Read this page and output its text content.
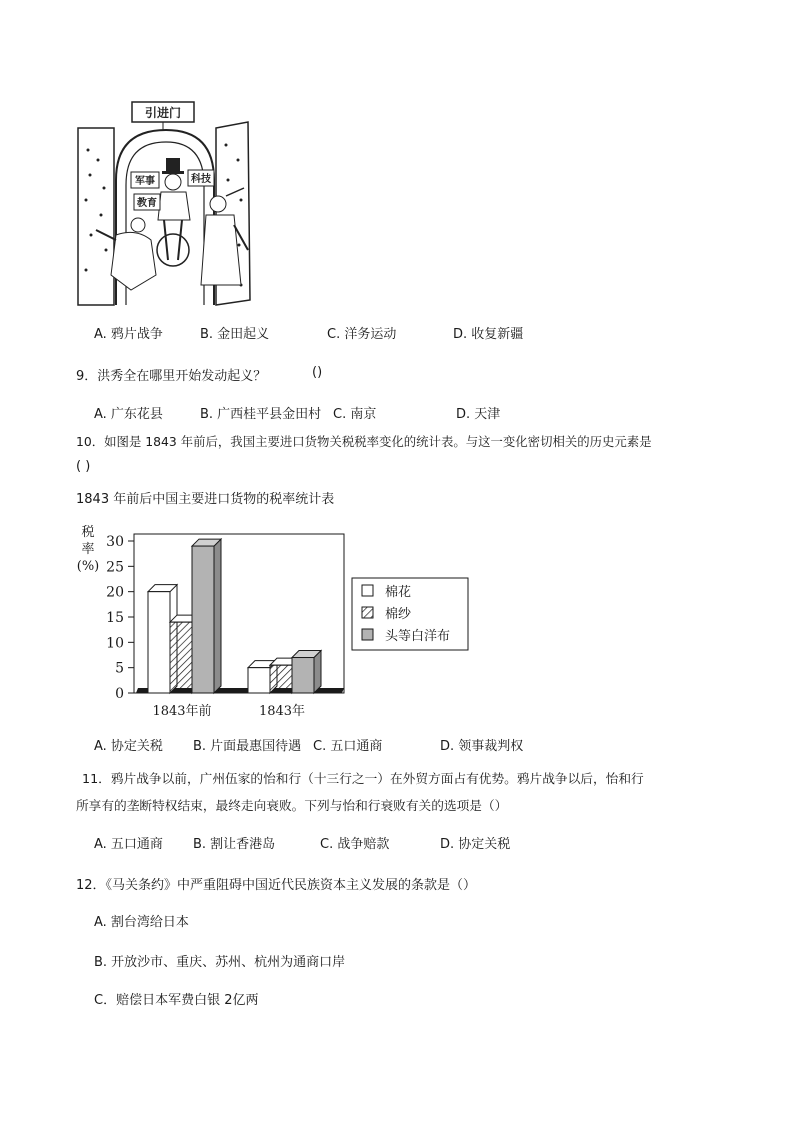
引进门
军事	科技
教育
A. 鸦片战争	B. 金田起义	C. 洋务运动	D. 收复新疆
9．洪秀全在哪里开始发动起义？	()
A. 广东花县	B. 广西桂平县金田村 C. 南京	D. 天津
10．如图是 1843 年前后，我国主要进口货物关税税率变化的统计表。与这一变化密切相关的历史元素是
( )
1843 年前后中国主要进口货物的税率统计表
0
5
10
15
20
25
30
税
率
(%)
1843年前	1843年
棉花
棉纱
头等白洋布
A. 协定关税 B. 片面最惠国待遇 C. 五口通商	D. 领事裁判权
11．鸦片战争以前，广州伍家的怡和行（十三行之一）在外贸方面占有优势。鸦片战争以后，怡和行
所享有的垄断特权结束，最终走向衰败。下列与怡和行衰败有关的选项是（）
A. 五口通商 B. 割让香港岛	C. 战争赔款	D. 协定关税
12．《马关条约》中严重阻碍中国近代民族资本主义发展的条款是（）
A. 割台湾给日本
B. 开放沙市、重庆、苏州、杭州为通商口岸
C．赔偿日本军费白银 2亿两
